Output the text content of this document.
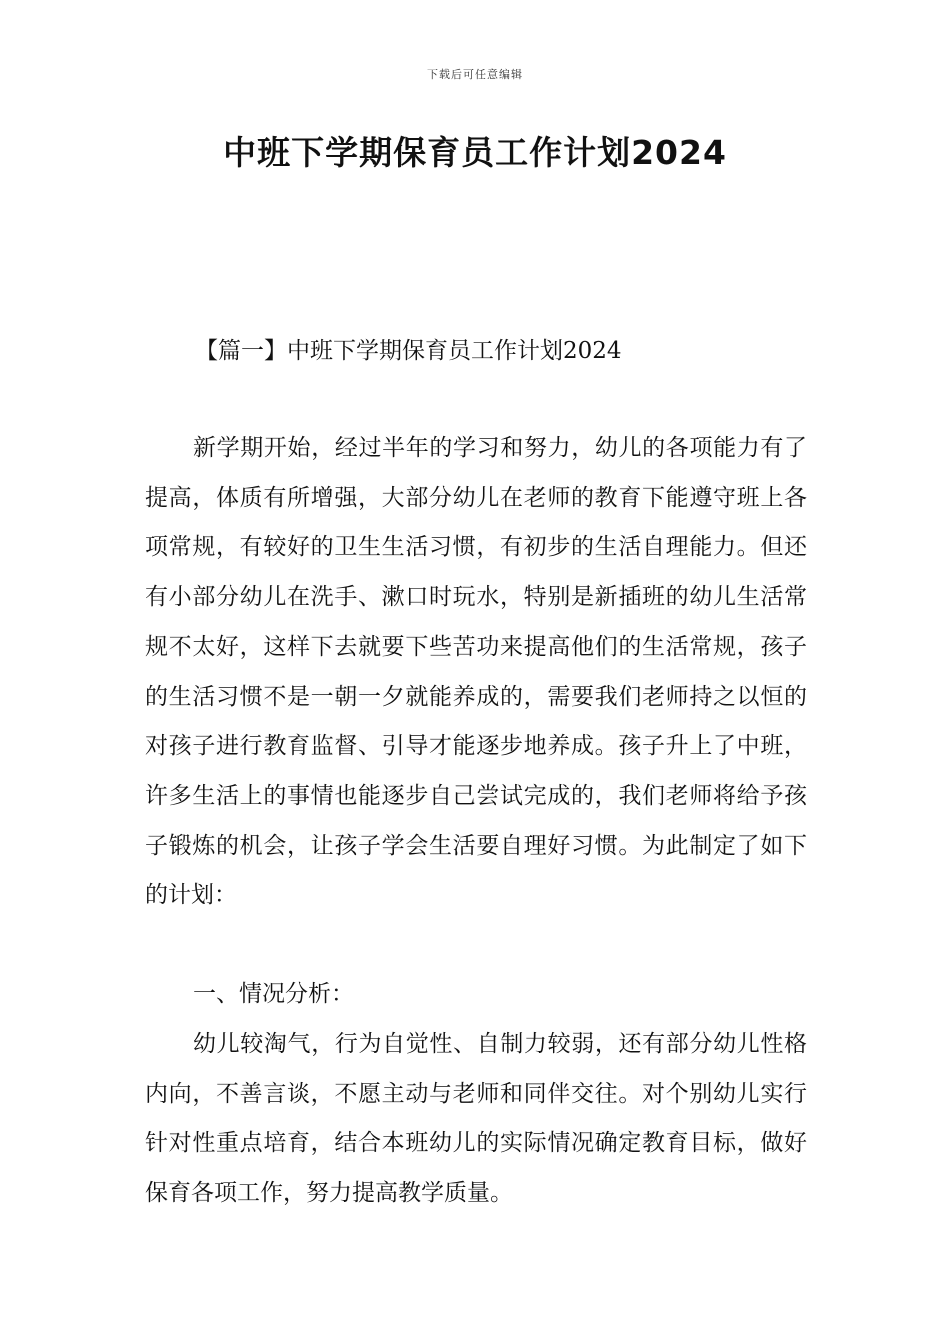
下载后可任意编辑
中班下学期保育员工作计划2024
【篇一】中班下学期保育员工作计划2024

新学期开始，经过半年的学习和努力，幼儿的各项能力有了提高，体质有所增强，大部分幼儿在老师的教育下能遵守班上各项常规，有较好的卫生生活习惯，有初步的生活自理能力。但还有小部分幼儿在洗手、漱口时玩水，特别是新插班的幼儿生活常规不太好，这样下去就要下些苦功来提高他们的生活常规，孩子的生活习惯不是一朝一夕就能养成的，需要我们老师持之以恒的对孩子进行教育监督、引导才能逐步地养成。孩子升上了中班，许多生活上的事情也能逐步自己尝试完成的，我们老师将给予孩子锻炼的机会，让孩子学会生活要自理好习惯。为此制定了如下的计划：

一、情况分析：

幼儿较淘气，行为自觉性、自制力较弱，还有部分幼儿性格内向，不善言谈，不愿主动与老师和同伴交往。对个别幼儿实行针对性重点培育，结合本班幼儿的实际情况确定教育目标，做好保育各项工作，努力提高教学质量。
